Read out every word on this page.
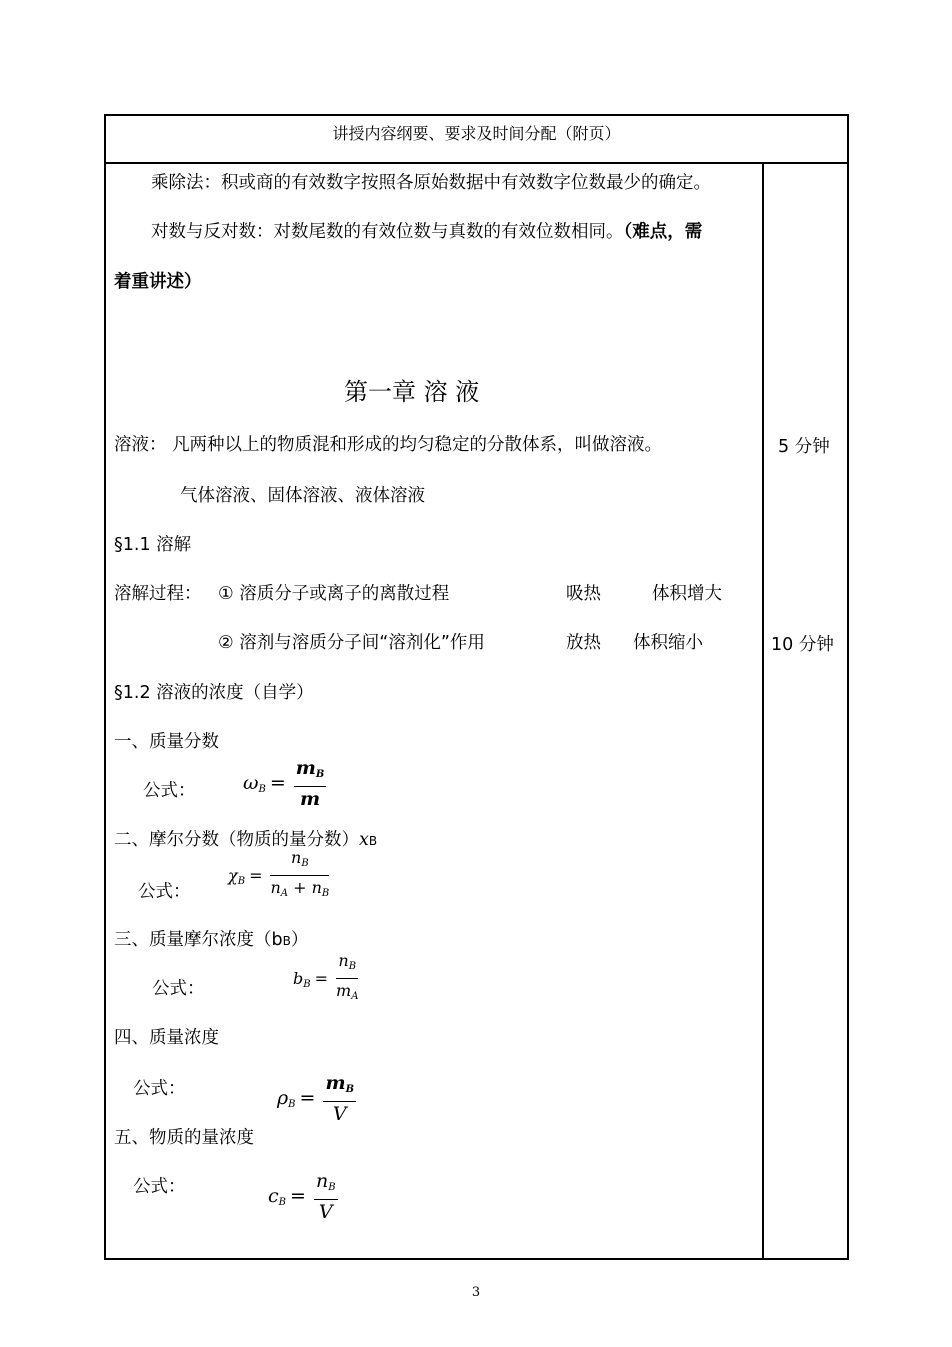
讲授内容纲要、要求及时间分配（附页）
乘除法：积或商的有效数字按照各原始数据中有效数字位数最少的确定。
对数与反对数：对数尾数的有效位数与真数的有效位数相同。（难点，需
着重讲述）
第一章 溶 液
溶液： 凡两种以上的物质混和形成的均匀稳定的分散体系，叫做溶液。	5 分钟
气体溶液、固体溶液、液体溶液
§1.1 溶解
溶解过程： ① 溶质分子或离子的离散过程	吸热	体积增大
② 溶剂与溶质分子间“溶剂化”作用	放热 体积缩小	10 分钟
§1.2 溶液的浓度（自学）
一、质量分数
公式：	$\omega_B = \frac{m_B}{m}$
二、摩尔分数（物质的量分数）xB
公式：
$\chi_B = \frac{n_B}{n_A + n_B}$
三、质量摩尔浓度（bB）
公式：
$b_B = \frac{n_B}{m_A}$
四、质量浓度
公式：	$\rho_B = \frac{m_B}{V}$
五、物质的量浓度
公式：	$c_B = \frac{n_B}{V}$
3
